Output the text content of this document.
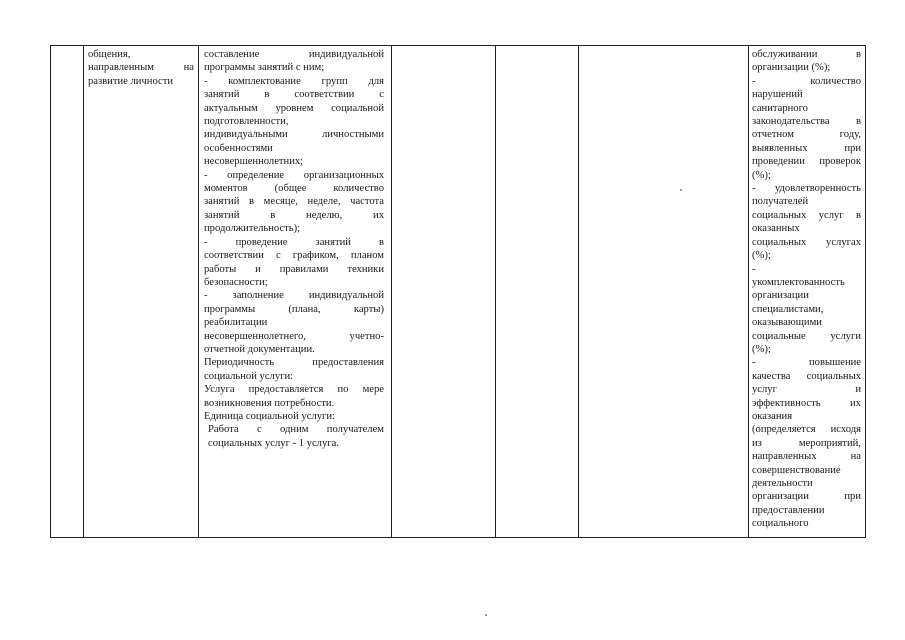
общения,
направленным на
развитие личности
составление индивидуальной
программы занятий с ним;
- комплектование групп для
занятий в соответствии с
актуальным уровнем социальной
подготовленности,
индивидуальными личностными
особенностями
несовершеннолетних;
- определение организационных
моментов (общее количество
занятий в месяце, неделе, частота
занятий в неделю, их
продолжительность);
- проведение занятий в
соответствии с графиком, планом
работы и правилами техники
безопасности;
- заполнение индивидуальной
программы (плана, карты)
реабилитации
несовершеннолетнего, учетно-
отчетной документации.
Периодичность предоставления
социальной услуги:
Услуга предоставляется по мере
возникновения потребности.
Единица социальной услуги:
Работа с одним получателем
социальных услуг - 1 услуга.
обслуживании в
организации (%);
- количество
нарушений
санитарного
законодательства в
отчетном году,
выявленных при
проведении проверок
(%);
- удовлетворенность
получателей
социальных услуг в
оказанных
социальных услугах
(%);
-
укомплектованность
организации
специалистами,
оказывающими
социальные услуги
(%);
- повышение
качества социальных
услуг и
эффективность их
оказания
(определяется исходя
из мероприятий,
направленных на
совершенствование
деятельности
организации при
предоставлении
социального
